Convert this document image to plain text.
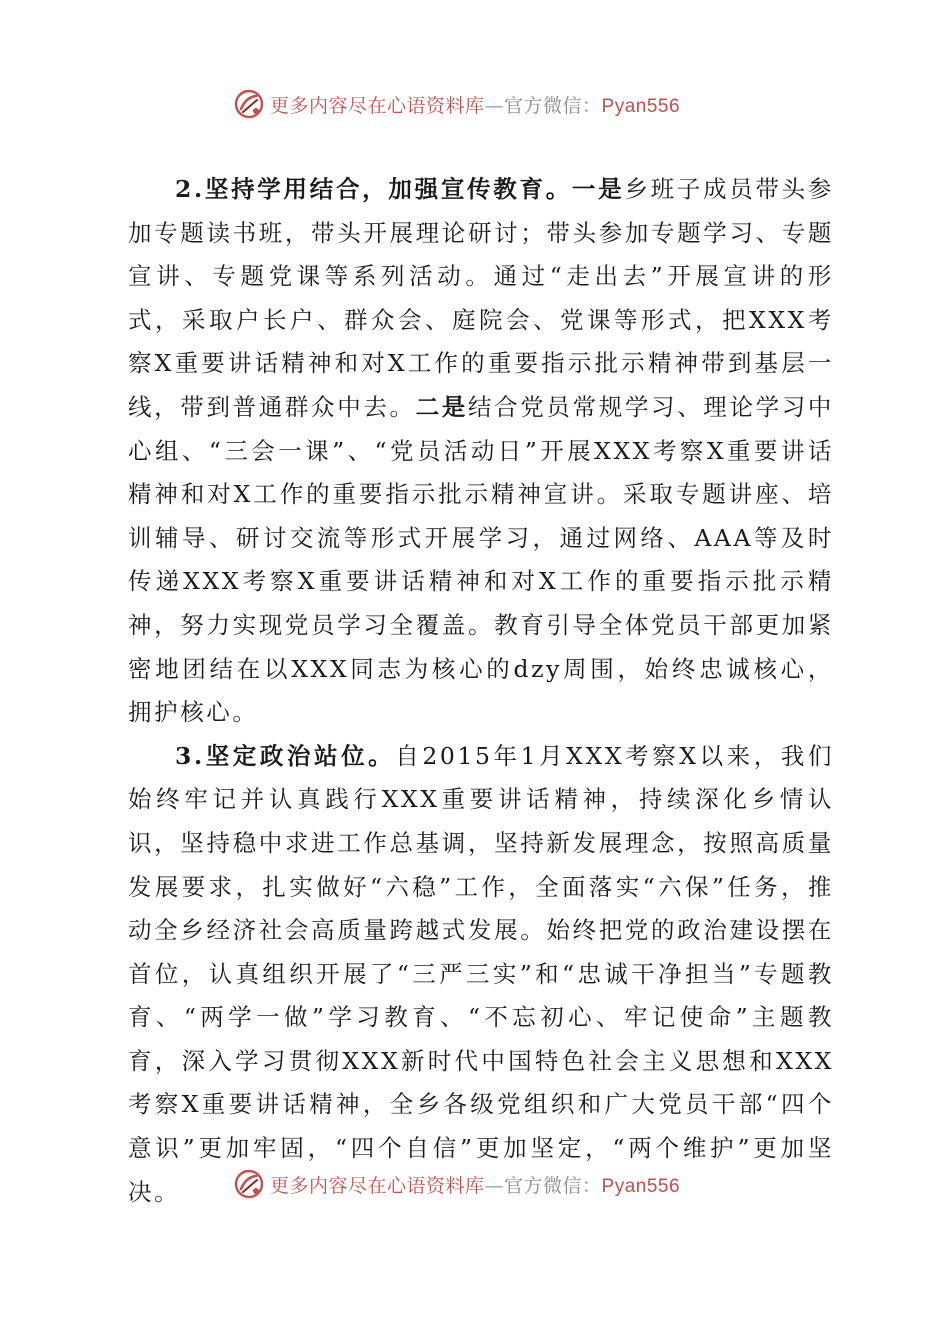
更多内容尽在心语资料库—官方微信：Pyan556

2.坚持学用结合，加强宣传教育。一是乡班子成员带头参加专题读书班，带头开展理论研讨；带头参加专题学习、专题宣讲、专题党课等系列活动。通过“走出去”开展宣讲的形式，采取户长户、群众会、庭院会、党课等形式，把XXX考察X重要讲话精神和对X工作的重要指示批示精神带到基层一线，带到普通群众中去。二是结合党员常规学习、理论学习中心组、“三会一课”、“党员活动日”开展XXX考察X重要讲话精神和对X工作的重要指示批示精神宣讲。采取专题讲座、培训辅导、研讨交流等形式开展学习，通过网络、AAA等及时传递XXX考察X重要讲话精神和对X工作的重要指示批示精神，努力实现党员学习全覆盖。教育引导全体党员干部更加紧密地团结在以XXX同志为核心的dzy周围，始终忠诚核心，拥护核心。

3.坚定政治站位。自2015年1月XXX考察X以来，我们始终牢记并认真践行XXX重要讲话精神，持续深化乡情认识，坚持稳中求进工作总基调，坚持新发展理念，按照高质量发展要求，扎实做好“六稳”工作，全面落实“六保”任务，推动全乡经济社会高质量跨越式发展。始终把党的政治建设摆在首位，认真组织开展了“三严三实”和“忠诚干净担当”专题教育、“两学一做”学习教育、“不忘初心、牢记使命”主题教育，深入学习贯彻XXX新时代中国特色社会主义思想和XXX考察X重要讲话精神，全乡各级党组织和广大党员干部“四个意识”更加牢固，“四个自信”更加坚定，“两个维护”更加坚决。	更多内容尽在心语资料库—官方微信：Pyan556
